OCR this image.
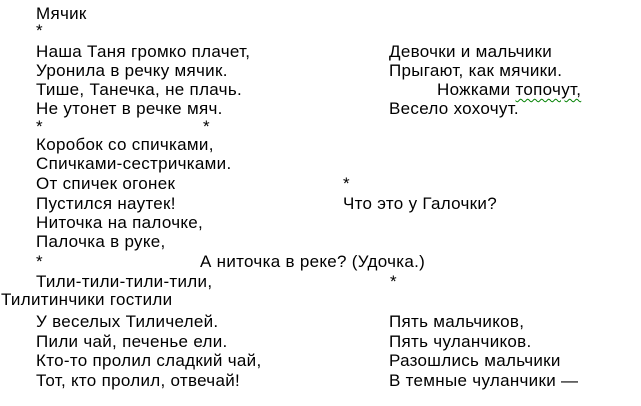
Мячик
*
Наша Таня громко плачет,
Уронила в речку мячик.
Тише, Танечка, не плачь.
Не утонет в речке мяч.
Девочки и мальчики
Прыгают, как мячики.
Ножками топочут,
Весело хохочут.
*	*
Коробок со спичками,
Спичками-сестричками.
От спичек огонек
Пустился наутек!
*
Что это у Галочки?
Ниточка на палочке,
Палочка в руке,
*	А ниточка в реке? (Удочка.)
Тили-тили-тили-тили,	*
Тилитинчики гостили
У веселых Тиличелей.
Пили чай, печенье ели.
Кто-то пролил сладкий чай,
Тот, кто пролил, отвечай!
Пять мальчиков,
Пять чуланчиков.
Разошлись мальчики
В темные чуланчики —
